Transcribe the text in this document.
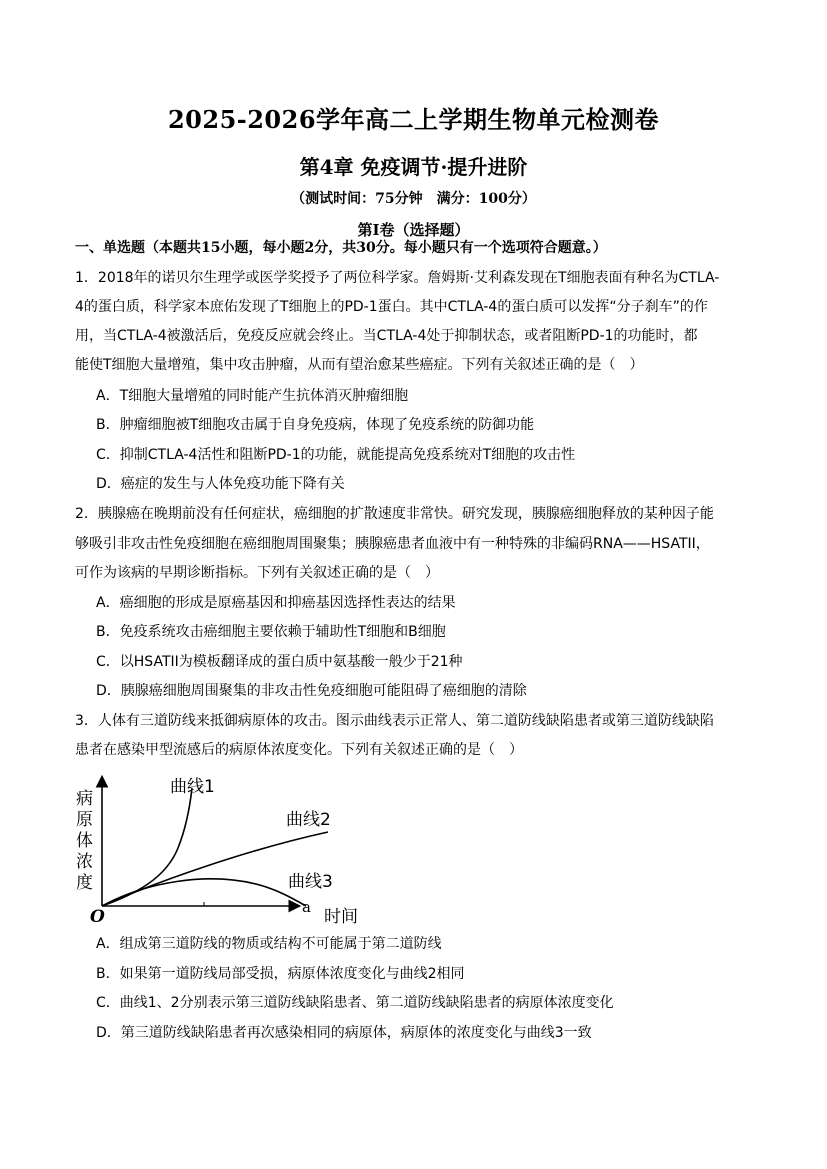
2025-2026学年高二上学期生物单元检测卷
第4章 免疫调节·提升进阶
（测试时间：75分钟　满分：100分）
第Ⅰ卷（选择题）
一、单选题（本题共15小题，每小题2分，共30分。每小题只有一个选项符合题意。）
1．2018年的诺贝尔生理学或医学奖授予了两位科学家。詹姆斯·艾利森发现在T细胞表面有种名为CTLA-
4的蛋白质，科学家本庶佑发现了T细胞上的PD-1蛋白。其中CTLA-4的蛋白质可以发挥“分子刹车”的作
用，当CTLA-4被激活后，免疫反应就会终止。当CTLA-4处于抑制状态，或者阻断PD-1的功能时，都
能使T细胞大量增殖，集中攻击肿瘤，从而有望治愈某些癌症。下列有关叙述正确的是（　）
A．T细胞大量增殖的同时能产生抗体消灭肿瘤细胞
B．肿瘤细胞被T细胞攻击属于自身免疫病，体现了免疫系统的防御功能
C．抑制CTLA-4活性和阻断PD-1的功能，就能提高免疫系统对T细胞的攻击性
D．癌症的发生与人体免疫功能下降有关
2．胰腺癌在晚期前没有任何症状，癌细胞的扩散速度非常快。研究发现，胰腺癌细胞释放的某种因子能
够吸引非攻击性免疫细胞在癌细胞周围聚集；胰腺癌患者血液中有一种特殊的非编码RNA——HSATII，
可作为该病的早期诊断指标。下列有关叙述正确的是（　）
A．癌细胞的形成是原癌基因和抑癌基因选择性表达的结果
B．免疫系统攻击癌细胞主要依赖于辅助性T细胞和B细胞
C．以HSATII为模板翻译成的蛋白质中氨基酸一般少于21种
D．胰腺癌细胞周围聚集的非攻击性免疫细胞可能阻碍了癌细胞的清除
3．人体有三道防线来抵御病原体的攻击。图示曲线表示正常人、第二道防线缺陷患者或第三道防线缺陷
患者在感染甲型流感后的病原体浓度变化。下列有关叙述正确的是（　）
病
原
体
浓
度
O	a 时间
曲线1
曲线2
曲线3
A．组成第三道防线的物质或结构不可能属于第二道防线
B．如果第一道防线局部受损，病原体浓度变化与曲线2相同
C．曲线1、2分别表示第三道防线缺陷患者、第二道防线缺陷患者的病原体浓度变化
D．第三道防线缺陷患者再次感染相同的病原体，病原体的浓度变化与曲线3一致
